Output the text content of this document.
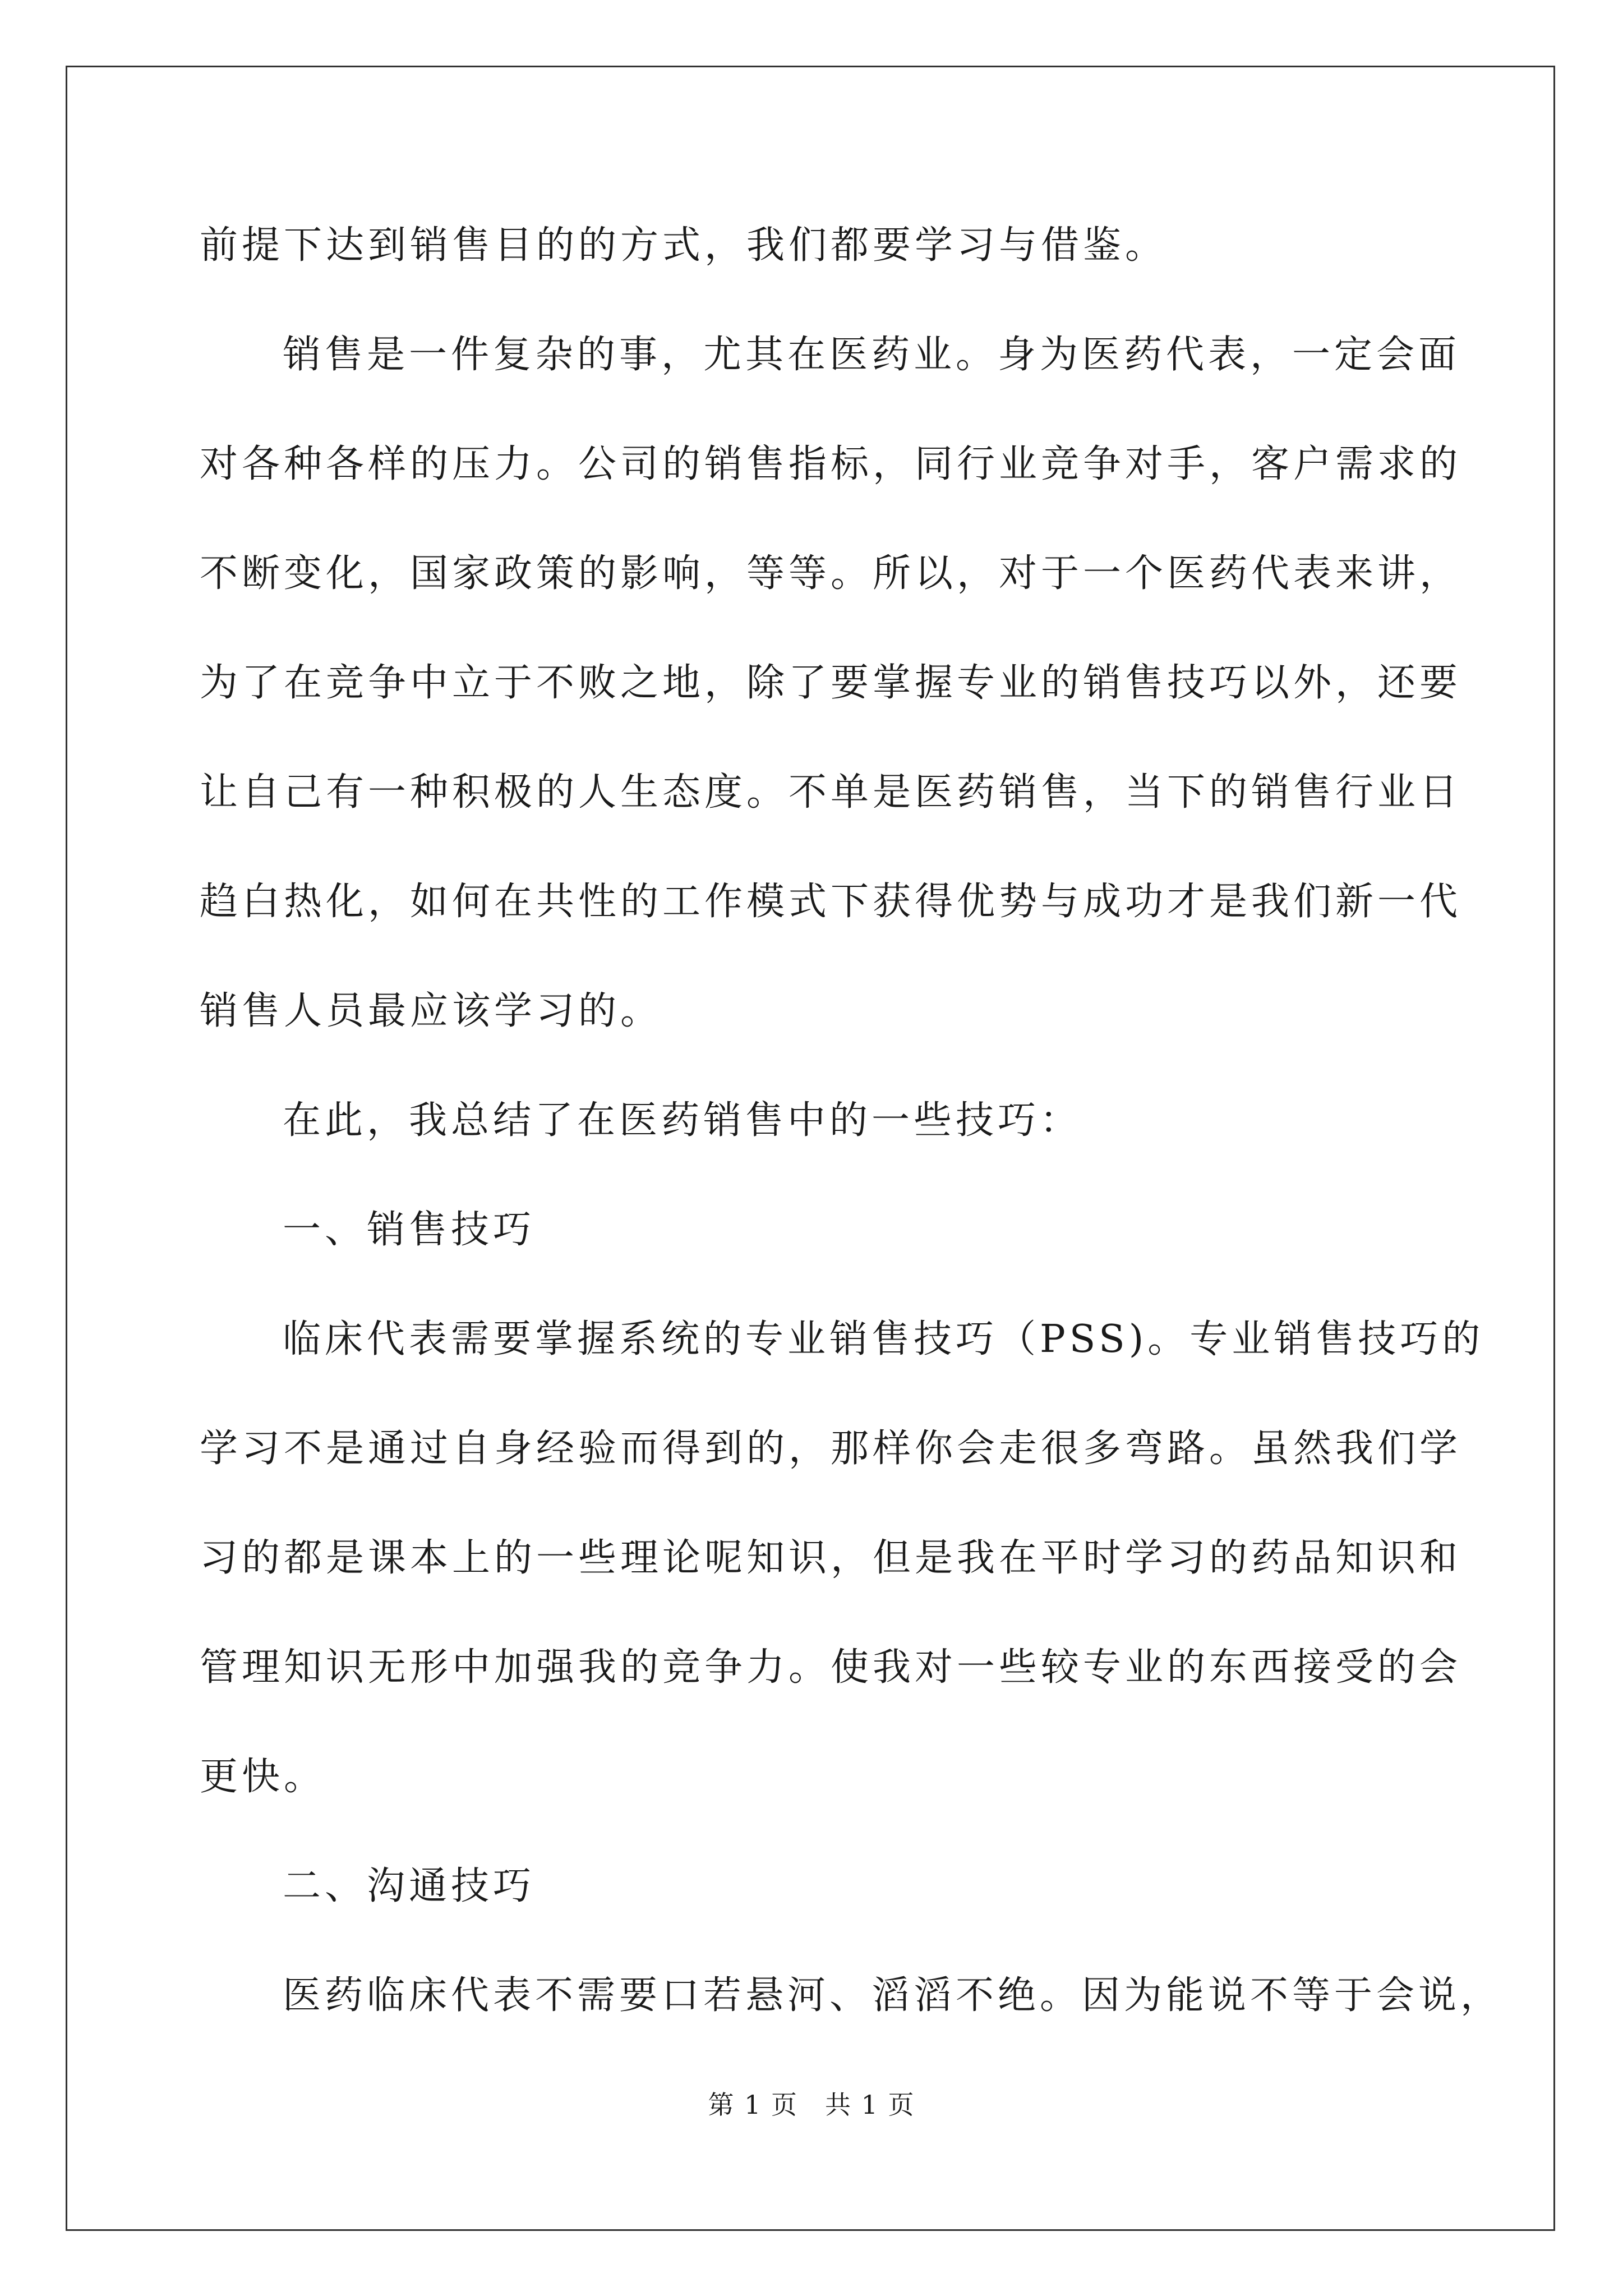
前提下达到销售目的的方式，我们都要学习与借鉴。

销售是一件复杂的事，尤其在医药业。身为医药代表，一定会面

对各种各样的压力。公司的销售指标，同行业竞争对手，客户需求的

不断变化，国家政策的影响，等等。所以，对于一个医药代表来讲，

为了在竞争中立于不败之地，除了要掌握专业的销售技巧以外，还要

让自己有一种积极的人生态度。不单是医药销售，当下的销售行业日

趋白热化，如何在共性的工作模式下获得优势与成功才是我们新一代

销售人员最应该学习的。

在此，我总结了在医药销售中的一些技巧：

一、销售技巧

临床代表需要掌握系统的专业销售技巧（PSS)。专业销售技巧的

学习不是通过自身经验而得到的，那样你会走很多弯路。虽然我们学

习的都是课本上的一些理论呢知识，但是我在平时学习的药品知识和

管理知识无形中加强我的竞争力。使我对一些较专业的东西接受的会

更快。

二、沟通技巧

医药临床代表不需要口若悬河、滔滔不绝。因为能说不等于会说，

第 1 页　共 1 页
